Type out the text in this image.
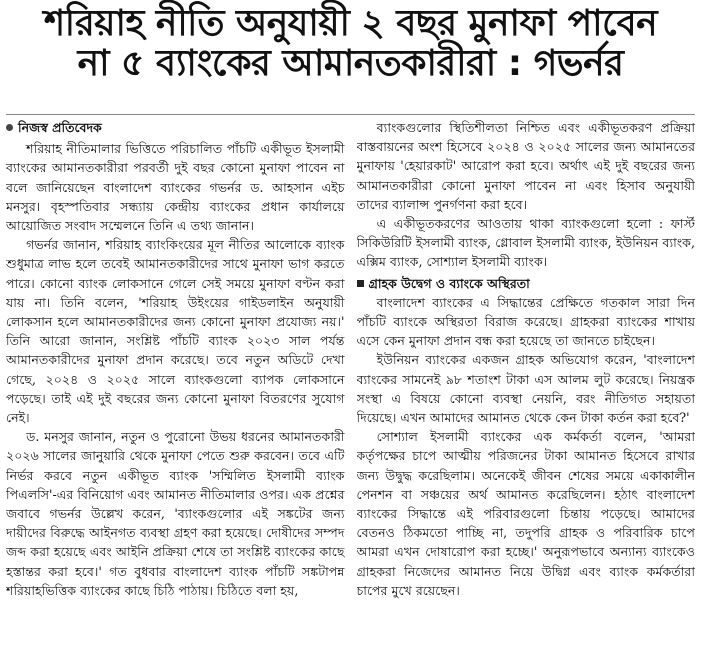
শরিয়াহ নীতি অনুযায়ী ২ বছর মুনাফা পাবেন
না ৫ ব্যাংকের আমানতকারীরা : গভর্নর
নিজস্ব প্রতিবেদক

শরিয়াহ নীতিমালার ভিত্তিতে পরিচালিত পাঁচটি একীভূত ইসলামী ব্যাংকের আমানতকারীরা পরবর্তী দুই বছর কোনো মুনাফা পাবেন না বলে জানিয়েছেন বাংলাদেশ ব্যাংকের গভর্নর ড. আহসান এইচ মনসুর। বৃহস্পতিবার সন্ধ্যায় কেন্দ্রীয় ব্যাংকের প্রধান কার্যালয়ে আয়োজিত সংবাদ সম্মেলনে তিনি এ তথ্য জানান।

গভর্নর জানান, শরিয়াহ ব্যাংকিংয়ের মূল নীতির আলোকে ব্যাংক শুধুমাত্র লাভ হলে তবেই আমানতকারীদের সাথে মুনাফা ভাগ করতে পারে। কোনো ব্যাংক লোকসানে গেলে সেই সময়ে মুনাফা বণ্টন করা যায় না। তিনি বলেন, 'শরিয়াহ উইংয়ের গাইডলাইন অনুযায়ী লোকসান হলে আমানতকারীদের জন্য কোনো মুনাফা প্রযোজ্য নয়।' তিনি আরো জানান, সংশ্লিষ্ট পাঁচটি ব্যাংক ২০২৩ সাল পর্যন্ত আমানতকারীদের মুনাফা প্রদান করেছে। তবে নতুন অডিটে দেখা গেছে, ২০২৪ ও ২০২৫ সালে ব্যাংকগুলো ব্যাপক লোকসানে পড়েছে। তাই এই দুই বছরের জন্য কোনো মুনাফা বিতরণের সুযোগ নেই।

ড. মনসুর জানান, নতুন ও পুরোনো উভয় ধরনের আমানতকারী ২০২৬ সালের জানুয়ারি থেকে মুনাফা পেতে শুরু করবেন। তবে এটি নির্ভর করবে নতুন একীভূত ব্যাংক 'সম্মিলিত ইসলামী ব্যাংক পিএলসি'-এর বিনিয়োগ এবং আমানত নীতিমালার ওপর। এক প্রশ্নের জবাবে গভর্নর উল্লেখ করেন, 'ব্যাংকগুলোর এই সঙ্কটের জন্য দায়ীদের বিরুদ্ধে আইনগত ব্যবস্থা গ্রহণ করা হয়েছে। দোষীদের সম্পদ জব্দ করা হয়েছে এবং আইনি প্রক্রিয়া শেষে তা সংশ্লিষ্ট ব্যাংকের কাছে হস্তান্তর করা হবে।' গত বুধবার বাংলাদেশ ব্যাংক পাঁচটি সঙ্কটাপন্ন শরিয়াহভিত্তিক ব্যাংকের কাছে চিঠি পাঠায়। চিঠিতে বলা হয়,

ব্যাংকগুলোর স্থিতিশীলতা নিশ্চিত এবং একীভূতকরণ প্রক্রিয়া বাস্তবায়নের অংশ হিসেবে ২০২৪ ও ২০২৫ সালের জন্য আমানতের মুনাফায় 'হেয়ারকাট' আরোপ করা হবে। অর্থাৎ এই দুই বছরের জন্য আমানতকারীরা কোনো মুনাফা পাবেন না এবং হিসাব অনুযায়ী তাদের ব্যালান্স পুনর্গণনা করা হবে।

এ একীভূতকরণের আওতায় থাকা ব্যাংকগুলো হলো : ফার্স্ট সিকিউরিটি ইসলামী ব্যাংক, গ্লোবাল ইসলামী ব্যাংক, ইউনিয়ন ব্যাংক, এক্সিম ব্যাংক, সোশ্যাল ইসলামী ব্যাংক।

গ্রাহক উদ্বেগ ও ব্যাংকে অস্থিরতা

বাংলাদেশ ব্যাংকের এ সিদ্ধান্তের প্রেক্ষিতে গতকাল সারা দিন পাঁচটি ব্যাংকে অস্থিরতা বিরাজ করেছে। গ্রাহকরা ব্যাংকের শাখায় এসে কেন মুনাফা প্রদান বন্ধ করা হয়েছে তা জানতে চাইছেন।

ইউনিয়ন ব্যাংকের একজন গ্রাহক অভিযোগ করেন, 'বাংলাদেশ ব্যাংকের সামনেই ৯৮ শতাংশ টাকা এস আলম লুট করেছে। নিয়ন্ত্রক সংস্থা এ বিষয়ে কোনো ব্যবস্থা নেয়নি, বরং নীতিগত সহায়তা দিয়েছে। এখন আমাদের আমানত থেকে কেন টাকা কর্তন করা হবে?'

সোশ্যাল ইসলামী ব্যাংকের এক কর্মকর্তা বলেন, 'আমরা কর্তৃপক্ষের চাপে আত্মীয় পরিজনের টাকা আমানত হিসেবে রাখার জন্য উদ্বুদ্ধ করেছিলাম। অনেকেই জীবন শেষের সময়ে একাকালীন পেনশন বা সঞ্চয়ের অর্থ আমানত করেছিলেন। হঠাৎ বাংলাদেশ ব্যাংকের সিদ্ধান্তে এই পরিবারগুলো চিন্তায় পড়েছে। আমাদের বেতনও ঠিকমতো পাচ্ছি না, তদুপরি গ্রাহক ও পরিবারিক চাপে আমরা এখন দোষারোপ করা হচ্ছে।' অনুরূপভাবে অন্যান্য ব্যাংকেও গ্রাহকরা নিজেদের আমানত নিয়ে উদ্বিগ্ন এবং ব্যাংক কর্মকর্তারা চাপের মুখে রয়েছেন।
